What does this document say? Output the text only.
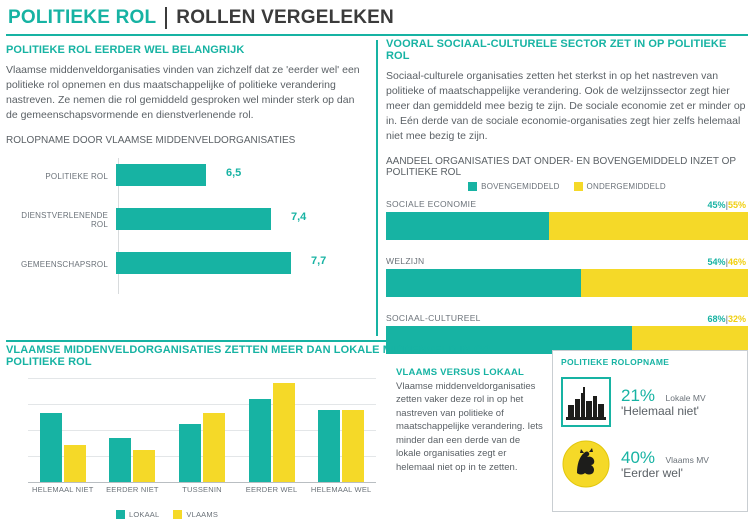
POLITIEKE ROL ROLLEN VERGELEKEN
POLITIEKE ROL EERDER WEL BELANGRIJK
Vlaamse middenveldorganisaties vinden van zichzelf dat ze 'eerder wel' een politieke rol opnemen en dus maatschappelijke of politieke verandering nastreven. Ze nemen die rol gemiddeld gesproken wel minder sterk op dan de gemeenschapsvormende en dienstverlenende rol.
ROLOPNAME DOOR VLAAMSE MIDDENVELDORGANISATIES
POLITIEKE ROL	6,5
DIENSTVERLENENDE ROL
7,4
GEMEENSCHAPSROL	7,7
VOORAL SOCIAAL-CULTURELE SECTOR ZET IN OP POLITIEKE ROL
Sociaal-culturele organisaties zetten het sterkst in op het nastreven van politieke of maatschappelijke verandering. Ook de welzijnssector zegt hier meer dan gemiddeld mee bezig te zijn. De sociale economie zet er minder op in. Eén derde van de sociale economie-organisaties zegt hier zelfs helemaal niet mee bezig te zijn.
AANDEEL ORGANISATIES DAT ONDER- EN BOVENGEMIDDELD INZET OP POLITIEKE ROL
BOVENGEMIDDELD	ONDERGEMIDDELD
SOCIALE ECONOMIE	45%|55%
WELZIJN	54%|46%
SOCIAAL-CULTUREEL	68%|32%
VLAAMSE MIDDENVELDORGANISATIES ZETTEN MEER DAN LOKALE MIDDENVELD IN OP POLITIEKE ROL
HELEMAAL NIET	EERDER NIET	TUSSENIN	EERDER WEL	HELEMAAL WEL
LOKAAL	VLAAMS
VLAAMS VERSUS LOKAAL
Vlaamse middenveldorganisaties zetten vaker deze rol in op het nastreven van politieke of maatschappelijke verandering. Iets minder dan een derde van de lokale organisaties zegt er helemaal niet op in te zetten.
POLITIEKE ROLOPNAME
21% Lokale MV
'Helemaal niet'
40% Vlaams MV
'Eerder wel'
